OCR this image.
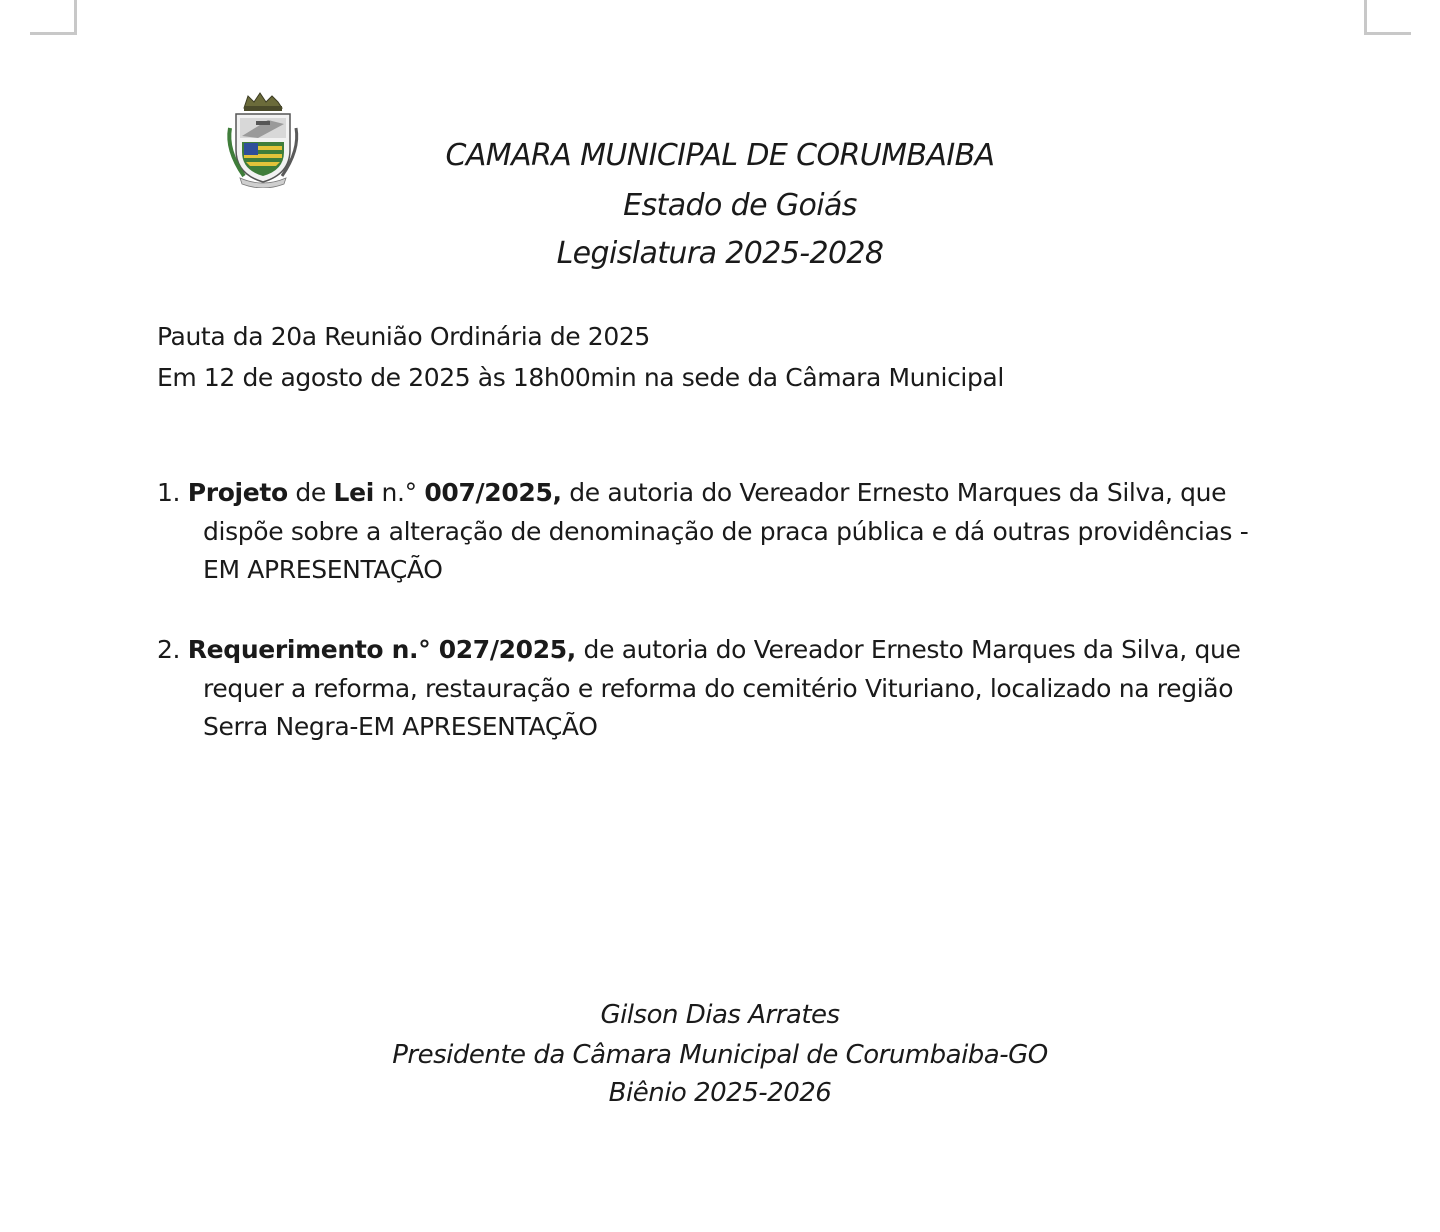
CAMARA MUNICIPAL DE CORUMBAIBA
Estado de Goiás
Legislatura 2025-2028
Pauta da 20a Reunião Ordinária de 2025
Em 12 de agosto de 2025 às 18h00min na sede da Câmara Municipal
1. Projeto de Lei n.° 007/2025, de autoria do Vereador Ernesto Marques da Silva, que
dispõe sobre a alteração de denominação de praca pública e dá outras providências -
EM APRESENTAÇÃO
2. Requerimento n.° 027/2025, de autoria do Vereador Ernesto Marques da Silva, que
requer a reforma, restauração e reforma do cemitério Vituriano, localizado na região
Serra Negra-EM APRESENTAÇÃO
Gilson Dias Arrates
Presidente da Câmara Municipal de Corumbaiba-GO
Biênio 2025-2026
